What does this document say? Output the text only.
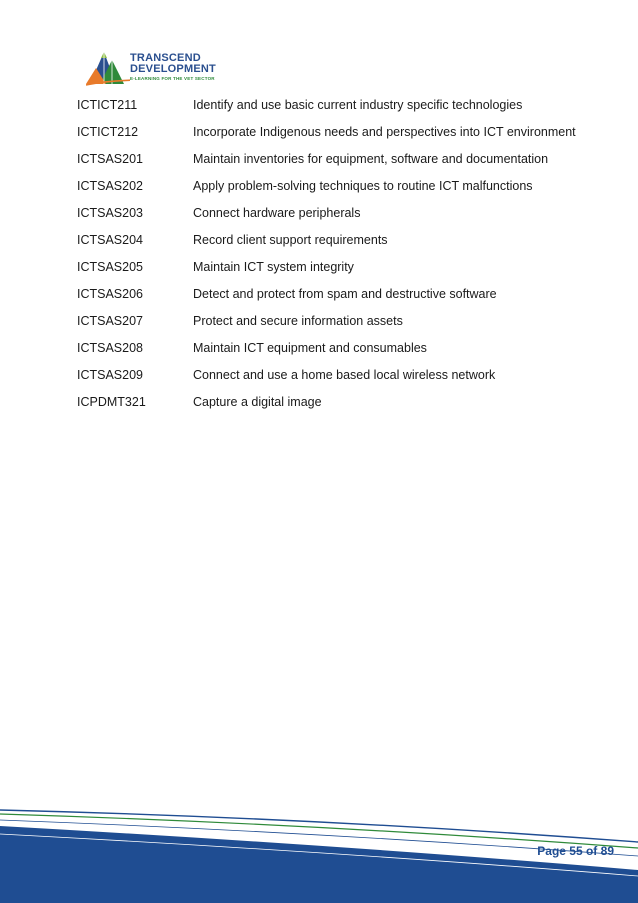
TRANSCEND
DEVELOPMENT
E-LEARNING FOR THE VET SECTOR
ICTICT211	Identify and use basic current industry specific technologies
ICTICT212	Incorporate Indigenous needs and perspectives into ICT environment
ICTSAS201	Maintain inventories for equipment, software and documentation
ICTSAS202	Apply problem-solving techniques to routine ICT malfunctions
ICTSAS203	Connect hardware peripherals
ICTSAS204	Record client support requirements
ICTSAS205	Maintain ICT system integrity
ICTSAS206	Detect and protect from spam and destructive software
ICTSAS207	Protect and secure information assets
ICTSAS208	Maintain ICT equipment and consumables
ICTSAS209	Connect and use a home based local wireless network
ICPDMT321	Capture a digital image
Page 55 of 89
